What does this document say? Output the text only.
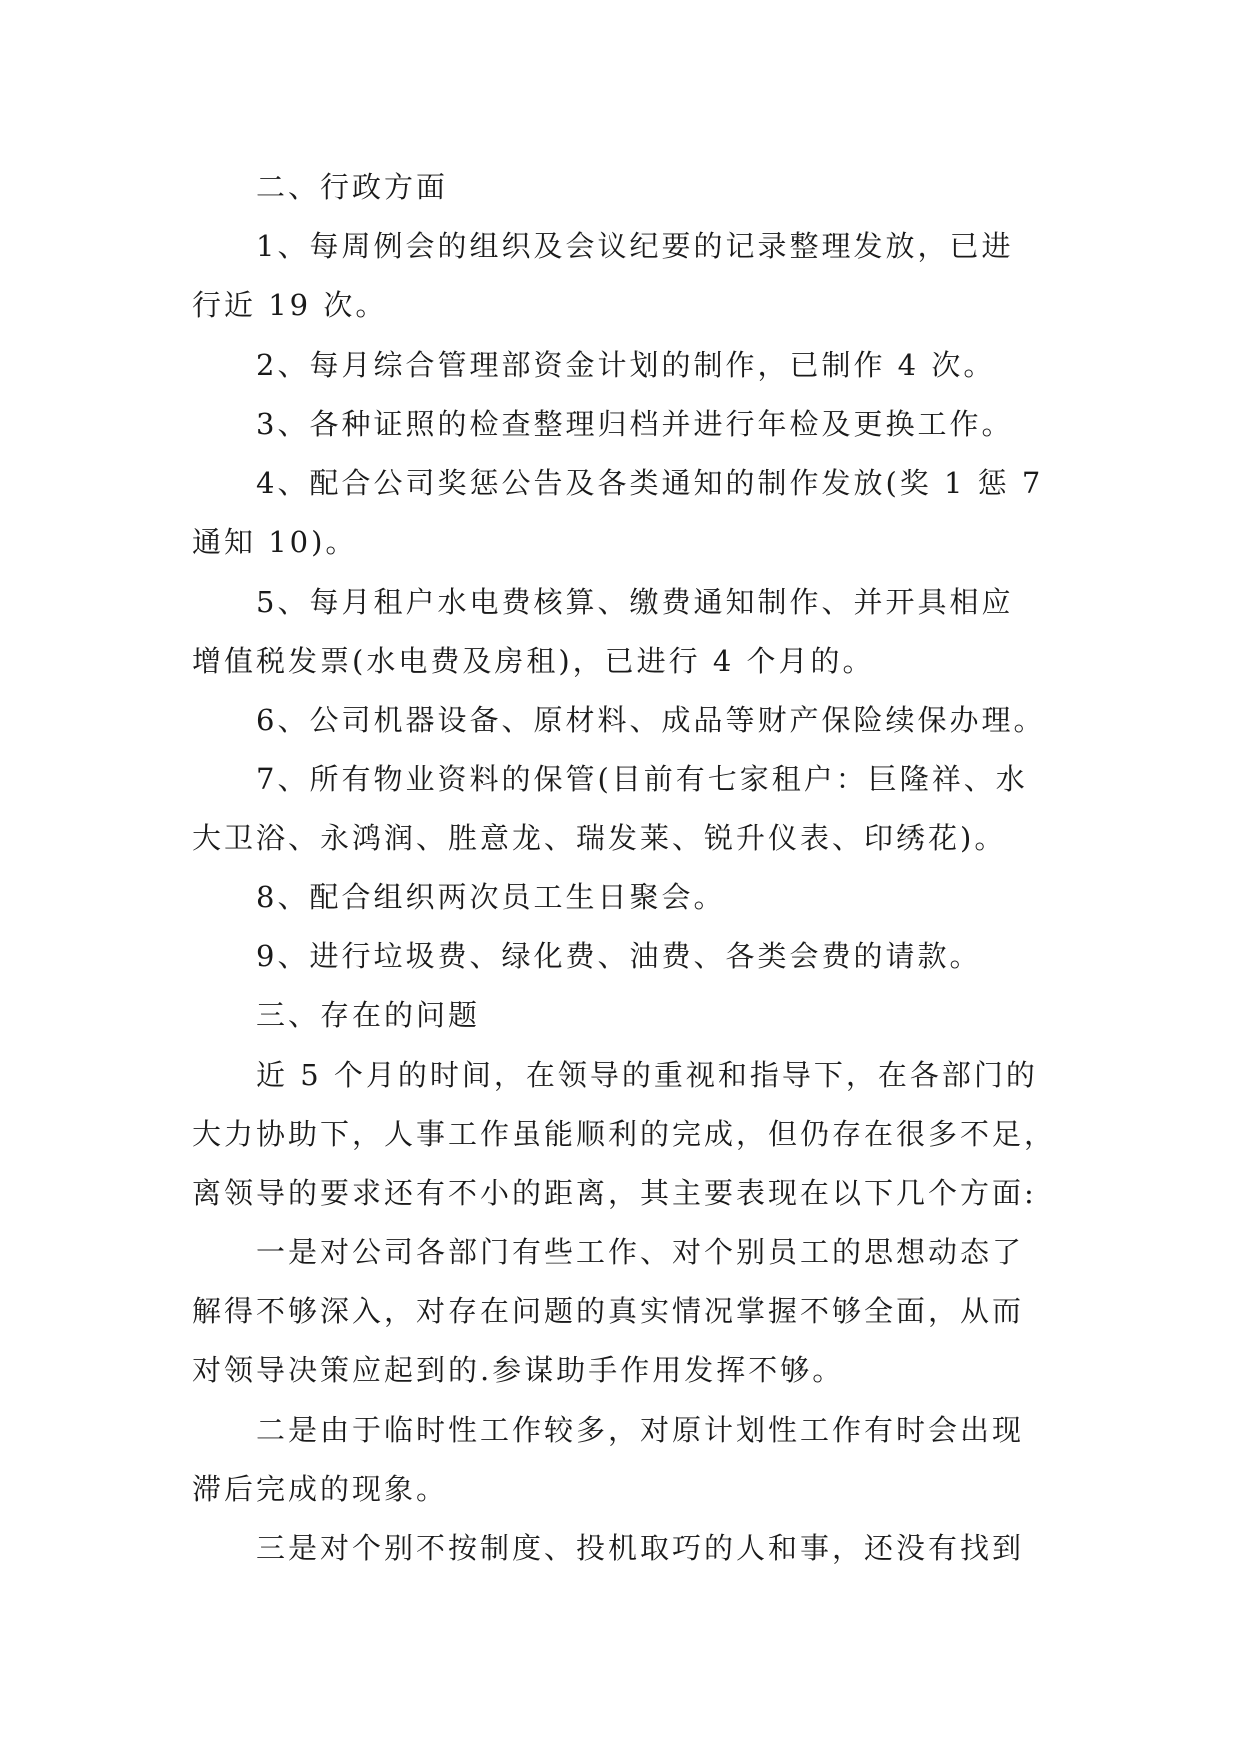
二、行政方面
1、每周例会的组织及会议纪要的记录整理发放，已进
行近 19 次。
2、每月综合管理部资金计划的制作，已制作 4 次。
3、各种证照的检查整理归档并进行年检及更换工作。
4、配合公司奖惩公告及各类通知的制作发放(奖 1 惩 7
通知 10)。
5、每月租户水电费核算、缴费通知制作、并开具相应
增值税发票(水电费及房租)，已进行 4 个月的。
6、公司机器设备、原材料、成品等财产保险续保办理。
7、所有物业资料的保管(目前有七家租户：巨隆祥、水
大卫浴、永鸿润、胜意龙、瑞发莱、锐升仪表、印绣花)。
8、配合组织两次员工生日聚会。
9、进行垃圾费、绿化费、油费、各类会费的请款。
三、存在的问题
近 5 个月的时间，在领导的重视和指导下，在各部门的
大力协助下，人事工作虽能顺利的完成，但仍存在很多不足，
离领导的要求还有不小的距离，其主要表现在以下几个方面:
一是对公司各部门有些工作、对个别员工的思想动态了
解得不够深入，对存在问题的真实情况掌握不够全面，从而
对领导决策应起到的.参谋助手作用发挥不够。
二是由于临时性工作较多，对原计划性工作有时会出现
滞后完成的现象。
三是对个别不按制度、投机取巧的人和事，还没有找到
